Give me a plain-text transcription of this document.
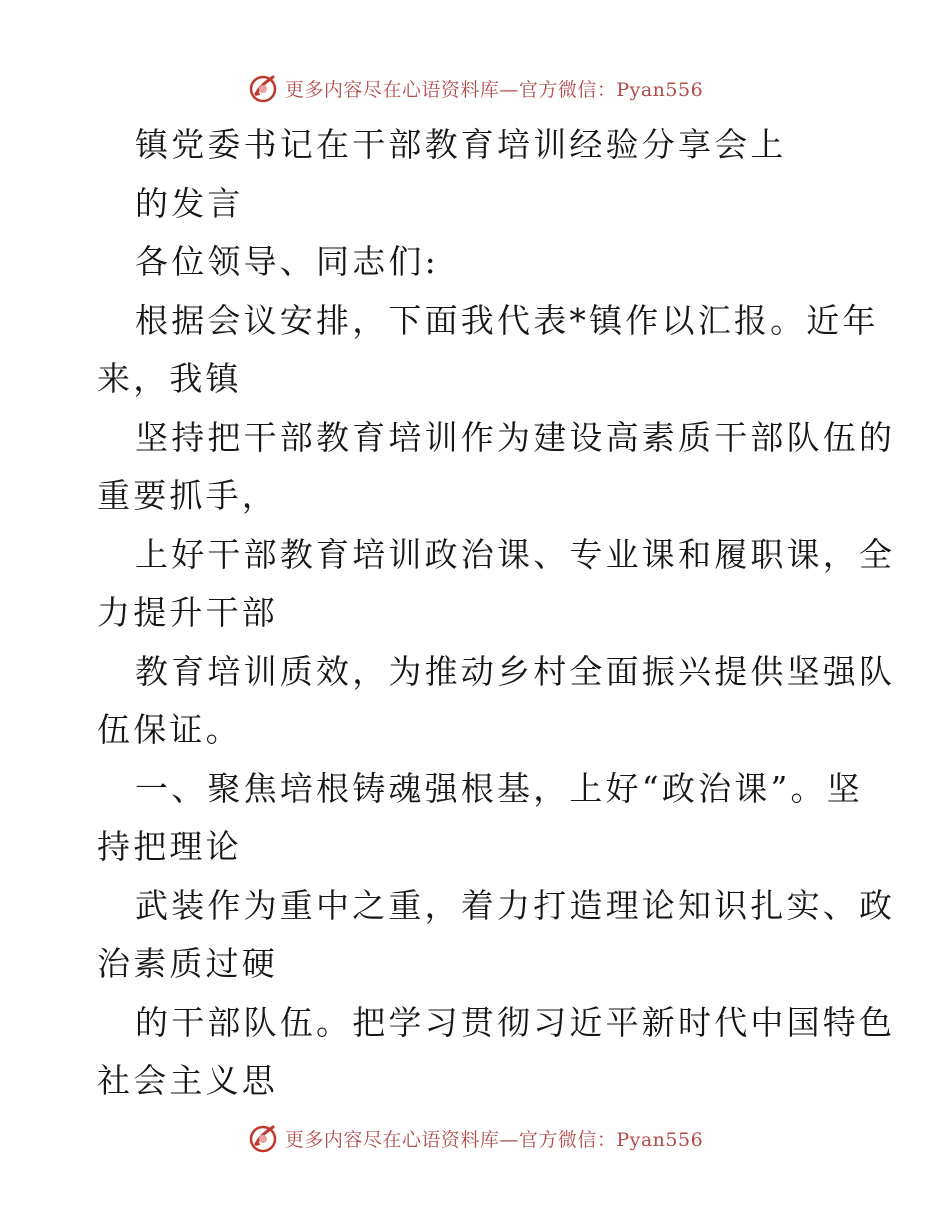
更多内容尽在心语资料库—官方微信：Pyan556
镇党委书记在干部教育培训经验分享会上
的发言
各位领导、同志们:
根据会议安排，下面我代表*镇作以汇报。近年
来，我镇
坚持把干部教育培训作为建设高素质干部队伍的
重要抓手，
上好干部教育培训政治课、专业课和履职课，全
力提升干部
教育培训质效，为推动乡村全面振兴提供坚强队
伍保证。
一、聚焦培根铸魂强根基，上好“政治课”。坚
持把理论
武装作为重中之重，着力打造理论知识扎实、政
治素质过硬
的干部队伍。把学习贯彻习近平新时代中国特色
社会主义思
更多内容尽在心语资料库—官方微信：Pyan556
